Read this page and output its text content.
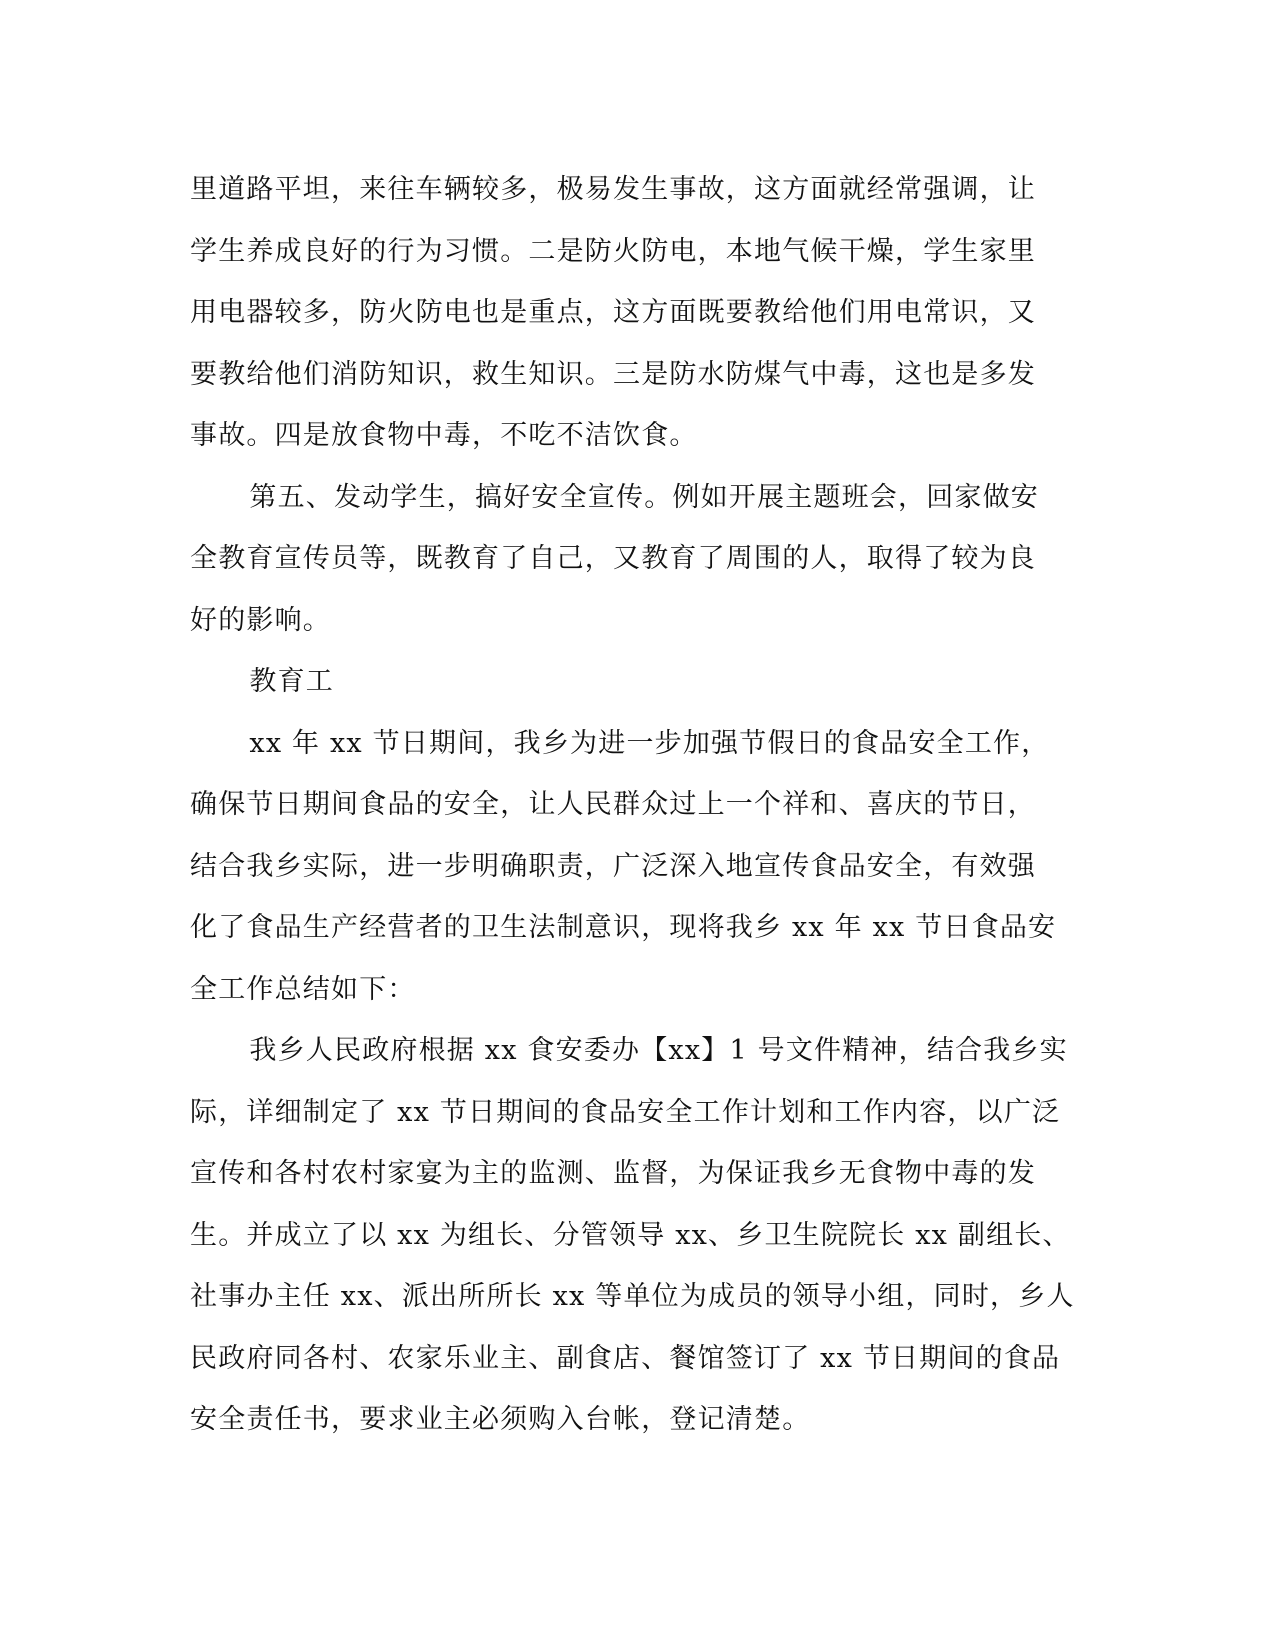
里道路平坦，来往车辆较多，极易发生事故，这方面就经常强调，让
学生养成良好的行为习惯。二是防火防电，本地气候干燥，学生家里
用电器较多，防火防电也是重点，这方面既要教给他们用电常识，又
要教给他们消防知识，救生知识。三是防水防煤气中毒，这也是多发
事故。四是放食物中毒，不吃不洁饮食。

第五、发动学生，搞好安全宣传。例如开展主题班会，回家做安
全教育宣传员等，既教育了自己，又教育了周围的人，取得了较为良
好的影响。

教育工

xx 年 xx 节日期间，我乡为进一步加强节假日的食品安全工作，
确保节日期间食品的安全，让人民群众过上一个祥和、喜庆的节日，
结合我乡实际，进一步明确职责，广泛深入地宣传食品安全，有效强
化了食品生产经营者的卫生法制意识，现将我乡 xx 年 xx 节日食品安
全工作总结如下：

我乡人民政府根据 xx 食安委办【xx】1 号文件精神，结合我乡实
际，详细制定了 xx 节日期间的食品安全工作计划和工作内容，以广泛
宣传和各村农村家宴为主的监测、监督，为保证我乡无食物中毒的发
生。并成立了以 xx 为组长、分管领导 xx、乡卫生院院长 xx 副组长、
社事办主任 xx、派出所所长 xx 等单位为成员的领导小组，同时，乡人
民政府同各村、农家乐业主、副食店、餐馆签订了 xx 节日期间的食品
安全责任书，要求业主必须购入台帐，登记清楚。
